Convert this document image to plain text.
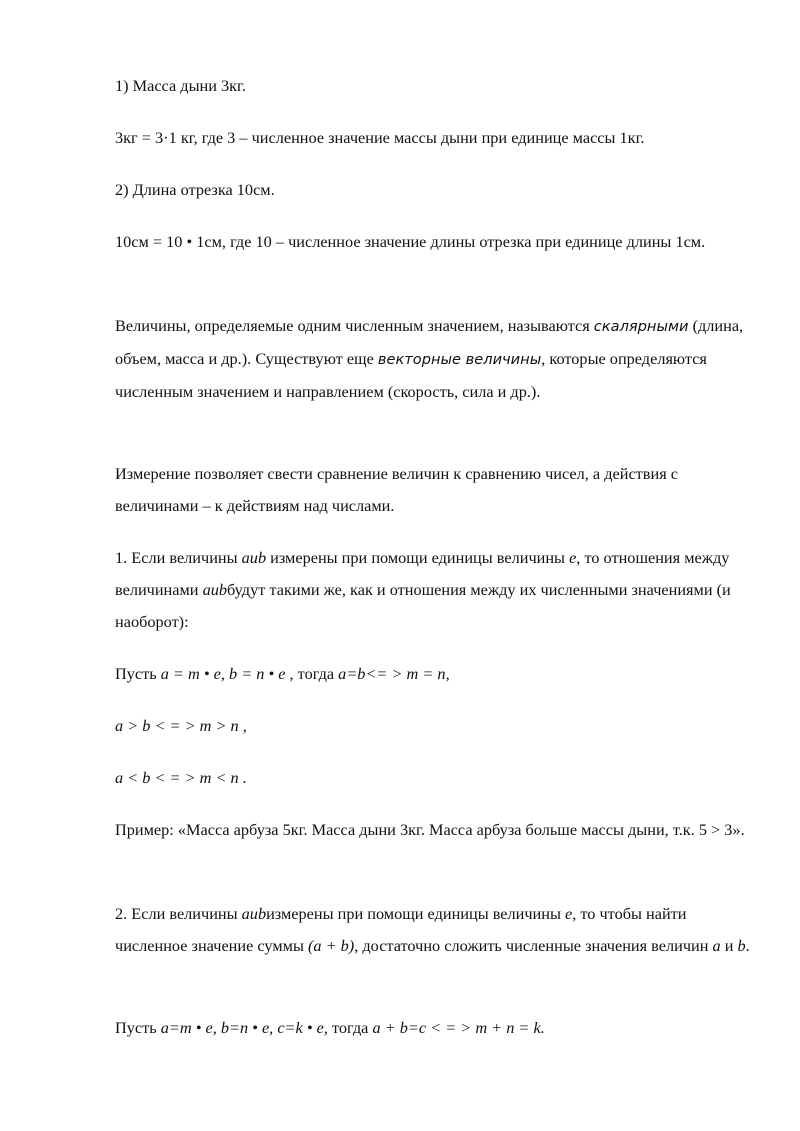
1) Масса дыни 3кг.

3кг = 3·1 кг, где 3 – численное значение массы дыни при единице массы 1кг.

2) Длина отрезка 10см.

10см = 10 • 1см, где 10 – численное значение длины отрезка при единице длины 1см.

Величины, определяемые одним численным значением, называются скалярными (длина, объем, масса и др.). Существуют еще векторные величины, которые определяются численным значением и направлением (скорость, сила и др.).

Измерение позволяет свести сравнение величин к сравнению чисел, а действия с величинами – к действиям над числами.

1. Если величины aиb измерены при помощи единицы величины е, то отношения между величинами aиbбудут такими же, как и отношения между их численными значениями (и наоборот):

Пусть а = m • е, b = n • е , тогда а=b<= > m = n,

a > b < = > m > n ,

a < b < = > m < n .

Пример: «Масса арбуза 5кг. Масса дыни 3кг. Масса арбуза больше массы дыни, т.к. 5 > 3».

2. Если величины aиbизмерены при помощи единицы величины е, то чтобы найти численное значение суммы (a + b), достаточно сложить численные значения величин a и b.

Пусть а=m • е, b=n • е, c=k • e, тогда a + b=c < = > m + n = k.
